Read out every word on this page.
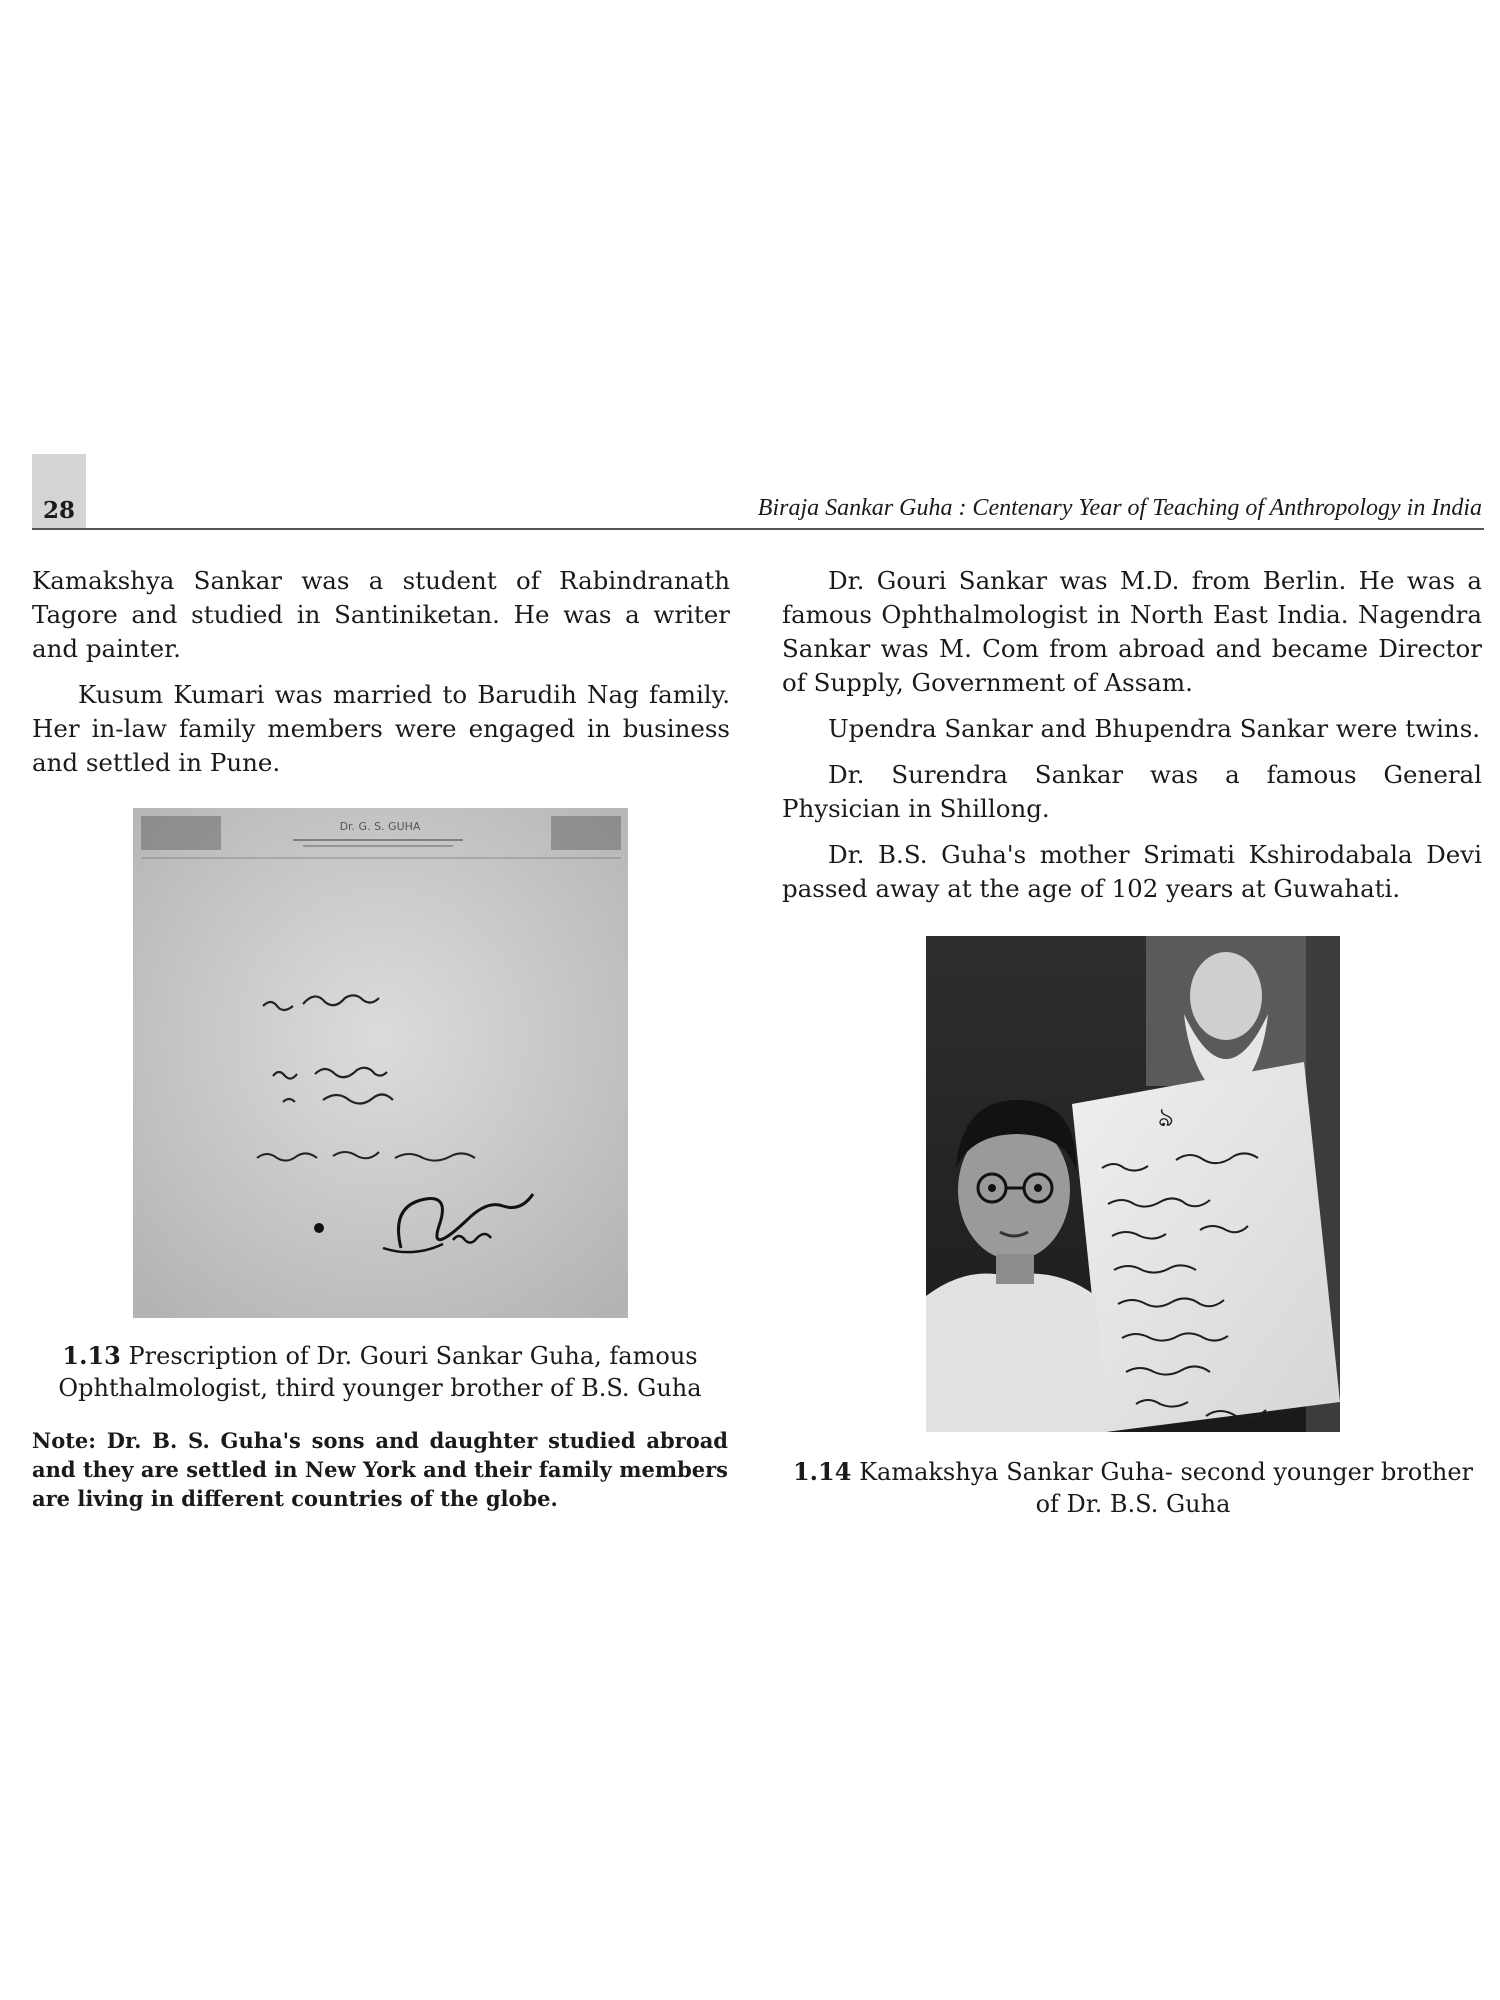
28	Biraja Sankar Guha : Centenary Year of Teaching of Anthropology in India

Kamakshya Sankar was a student of Rabindranath Tagore and studied in Santiniketan. He was a writer and painter.

Kusum Kumari was married to Barudih Nag family. Her in-law family members were engaged in business and settled in Pune.

Dr. Gouri Sankar was M.D. from Berlin. He was a famous Ophthalmologist in North East India. Nagendra Sankar was M. Com from abroad and became Director of Supply, Government of Assam.

Upendra Sankar and Bhupendra Sankar were twins.

Dr. Surendra Sankar was a famous General Physician in Shillong.

Dr. B.S. Guha's mother Srimati Kshirodabala Devi passed away at the age of 102 years at Guwahati.

Dr. G. S. GUHA
1.13 Prescription of Dr. Gouri Sankar Guha, famous Ophthalmologist, third younger brother of B.S. Guha
Note: Dr. B. S. Guha's sons and daughter studied abroad and they are settled in New York and their family members are living in different countries of the globe.
ঌ
1.14 Kamakshya Sankar Guha- second younger brother of Dr. B.S. Guha
